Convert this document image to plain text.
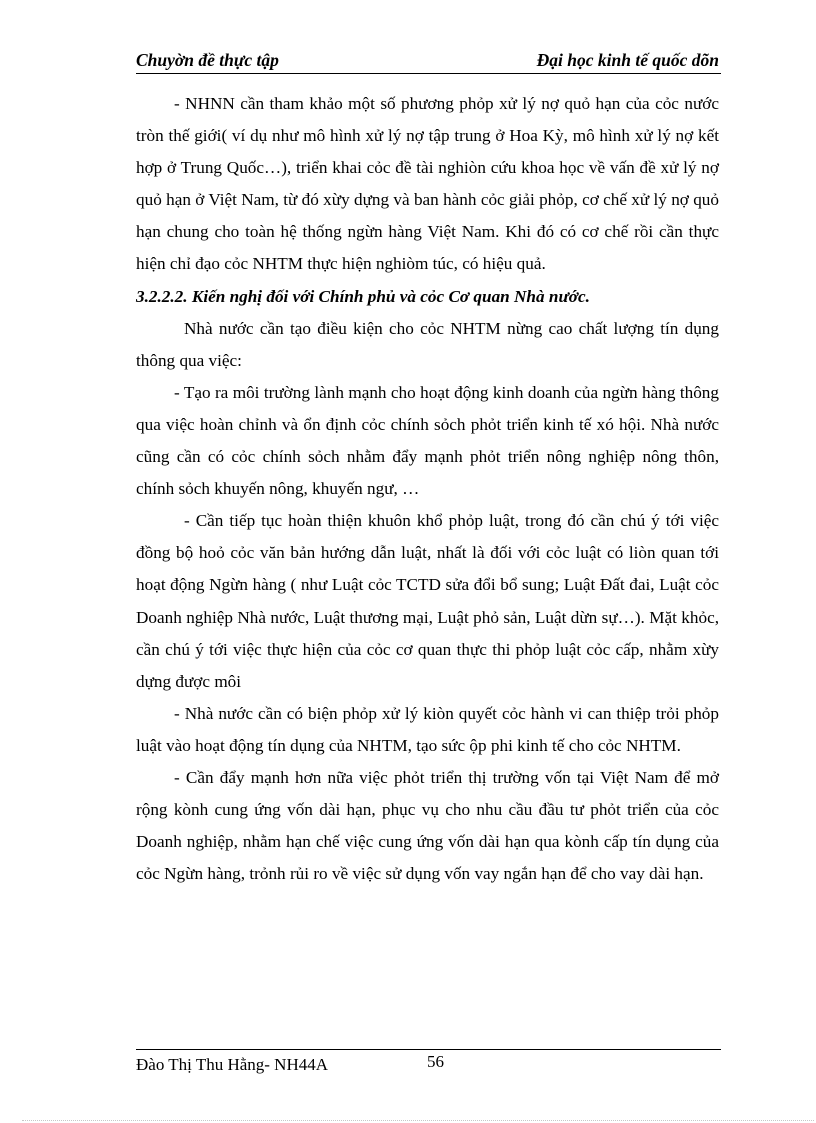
Chuyờn đề thực tập	Đại học kinh tế quốc dõn

- NHNN cần tham khảo một số phương phỏp xử lý nợ quỏ hạn của cỏc nước tròn thế giới( ví dụ như mô hình xử lý nợ tập trung ở Hoa Kỳ, mô hình xử lý nợ kết hợp ở Trung Quốc…), triển khai cỏc đề tài nghiòn cứu khoa học về vấn đề xử lý nợ quỏ hạn ở Việt Nam, từ đó xừy dựng và ban hành cỏc giải phỏp, cơ chế xử lý nợ quỏ hạn chung cho toàn hệ thống ngừn hàng Việt Nam. Khi đó có cơ chế rồi cần thực hiện chỉ đạo cỏc NHTM thực hiện nghiòm túc, có hiệu quả.

3.2.2.2. Kiến nghị đối với Chính phủ và cỏc Cơ quan Nhà nước.

Nhà nước cần tạo điều kiện cho cỏc NHTM nừng cao chất lượng tín dụng thông qua việc:

- Tạo ra môi trường lành mạnh cho hoạt động kinh doanh của ngừn hàng thông qua việc hoàn chỉnh và ổn định cỏc chính sỏch phỏt triển kinh tế xó hội. Nhà nước cũng cần có cỏc chính sỏch nhằm đẩy mạnh phỏt triển nông nghiệp nông thôn, chính sỏch khuyến nông, khuyến ngư, …

- Cần tiếp tục hoàn thiện khuôn khổ phỏp luật, trong đó cần chú ý tới việc đồng bộ hoỏ cỏc văn bản hướng dẫn luật, nhất là đối với cỏc luật có liòn quan tới hoạt động Ngừn hàng ( như Luật cỏc TCTD sửa đổi bổ sung; Luật Đất đai, Luật cỏc Doanh nghiệp Nhà nước, Luật thương mại, Luật phỏ sản, Luật dừn sự…). Mặt khỏc, cần chú ý tới việc thực hiện của cỏc cơ quan thực thi phỏp luật cỏc cấp, nhằm xừy dựng được môi

- Nhà nước cần có biện phỏp xử lý kiòn quyết cỏc hành vi can thiệp trỏi phỏp luật vào hoạt động tín dụng của NHTM, tạo sức ộp phi kinh tế cho cỏc NHTM.

- Cần đẩy mạnh hơn nữa việc phỏt triển thị trường vốn tại Việt Nam để mở rộng kònh cung ứng vốn dài hạn, phục vụ cho nhu cầu đầu tư phỏt triển của cỏc Doanh nghiệp, nhằm hạn chế việc cung ứng vốn dài hạn qua kònh cấp tín dụng của cỏc Ngừn hàng, trỏnh rủi ro về việc sử dụng vốn vay ngắn hạn để cho vay dài hạn.

Đào Thị Thu Hằng- NH44A	56
